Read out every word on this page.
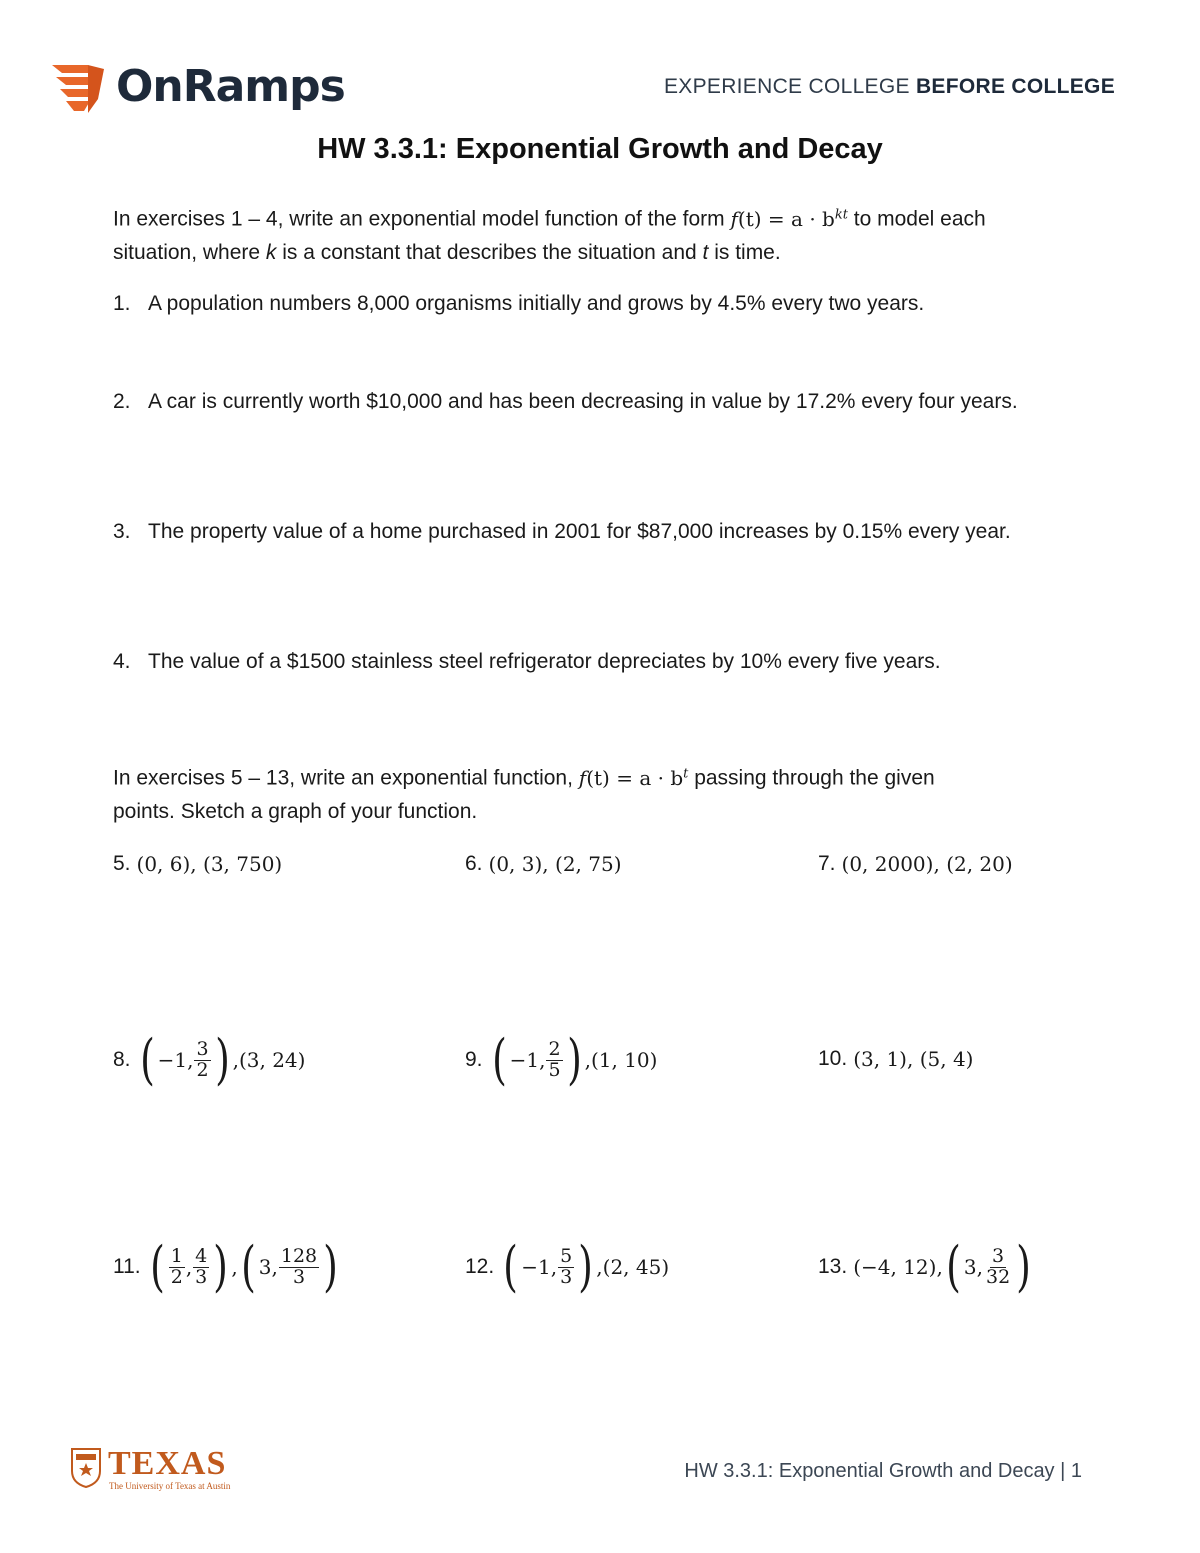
OnRamps	EXPERIENCE COLLEGE BEFORE COLLEGE
HW 3.3.1: Exponential Growth and Decay
In exercises 1 – 4, write an exponential model function of the form $f(t) = a \cdot b^{kt}$ to model each
situation, where k is a constant that describes the situation and t is time.
1. A population numbers 8,000 organisms initially and grows by 4.5% every two years.
2. A car is currently worth $10,000 and has been decreasing in value by 17.2% every four years.
3. The property value of a home purchased in 2001 for $87,000 increases by 0.15% every year.
4. The value of a $1500 stainless steel refrigerator depreciates by 10% every five years.
In exercises 5 – 13, write an exponential function, $f(t) = a \cdot b^t$ passing through the given
points. Sketch a graph of your function.
5. (0, 6) , (3, 750)	6. (0, 3) , (2, 75)	7. (0, 2000) , (2, 20)
8. ( −1, $\frac{3}{2}$ ) , (3, 24)	9. ( −1, $\frac{2}{5}$ ) , (1, 10)	10. (3, 1) , (5, 4)
11. ( $\frac{1}{2}$ , $\frac{4}{3}$ ) , ( 3, $\frac{128}{3}$ )	12. ( −1, $\frac{5}{3}$ ) , (2, 45)	13. (−4, 12) , ( 3, $\frac{3}{32}$ )
TEXAS
The University of Texas at Austin
HW 3.3.1: Exponential Growth and Decay | 1
